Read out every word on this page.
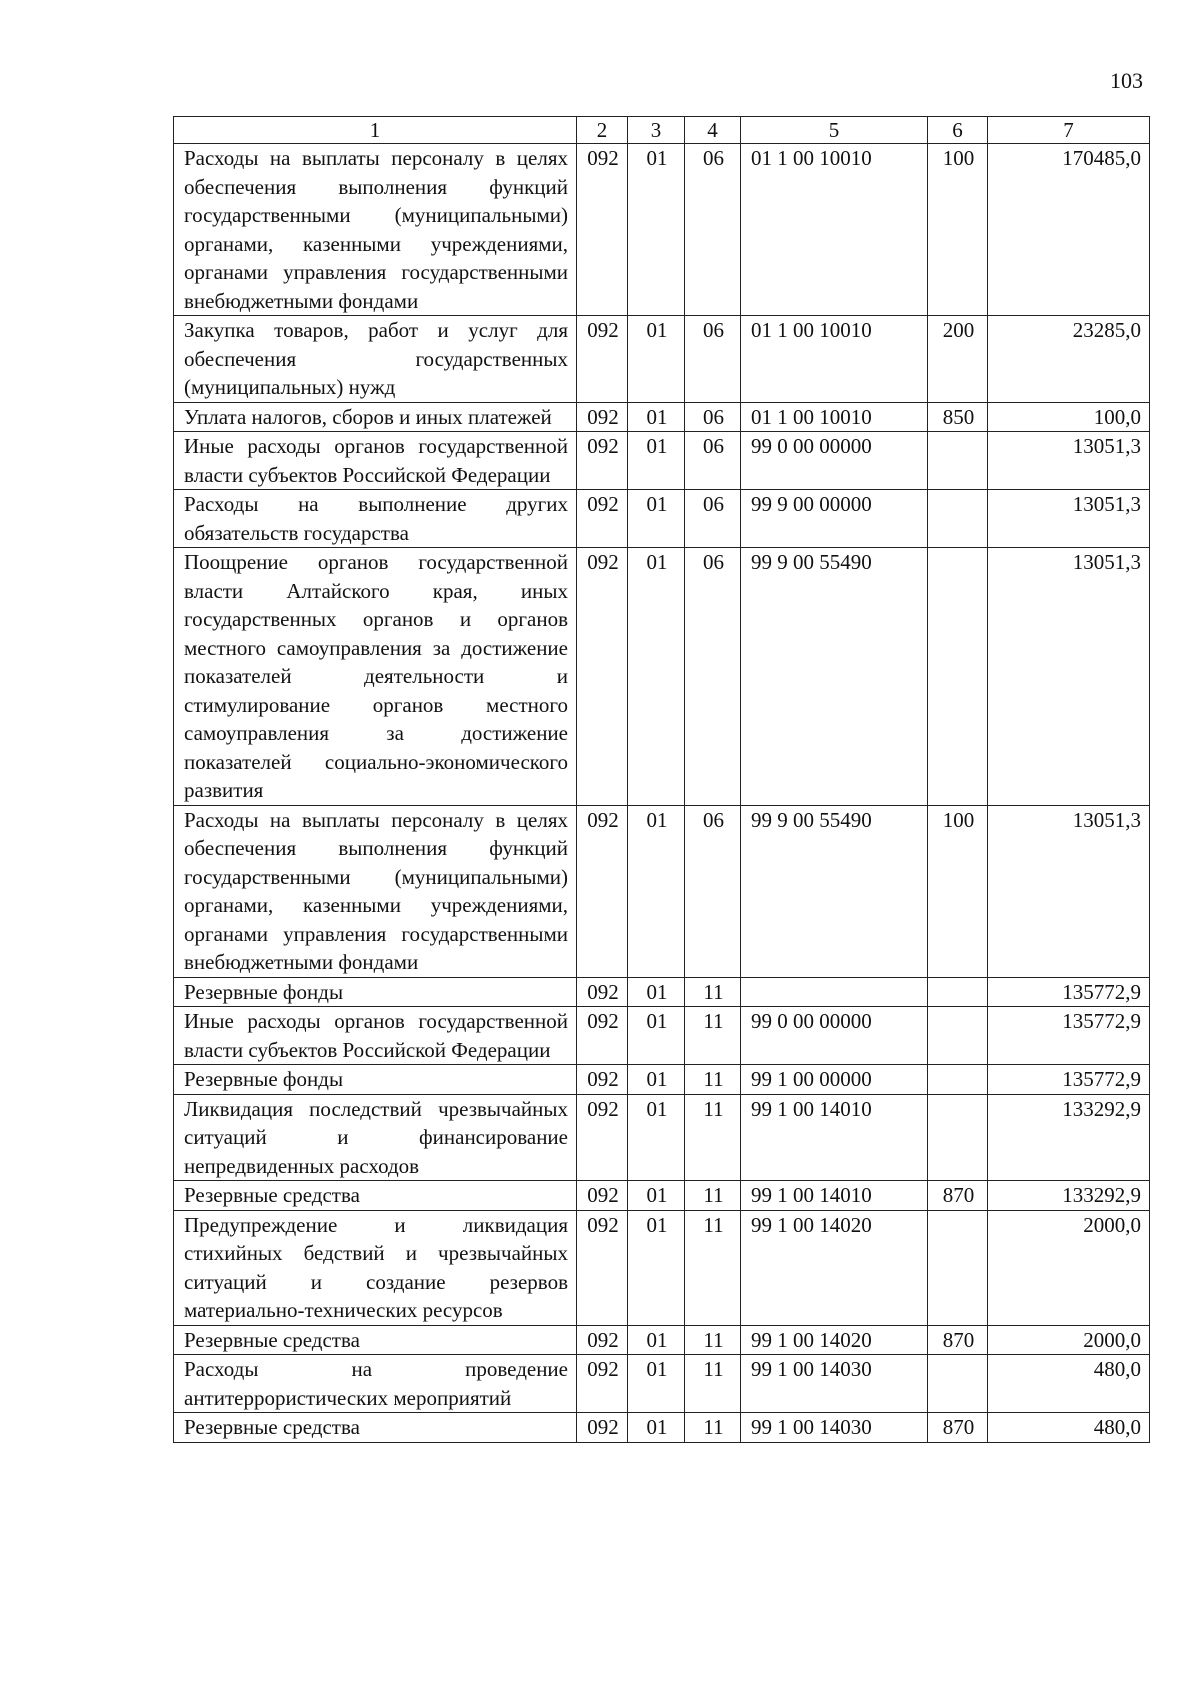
103
1	2	3	4	5	6	7
Расходы на выплаты персоналу в целях обеспечения выполнения функций государственными (муниципальными) органами, казенными учреждениями, органами управления государственными внебюджетными фондами	092	01	06	01 1 00 10010	100	170485,0
Закупка товаров, работ и услуг для обеспечения государственных (муниципальных) нужд	092	01	06	01 1 00 10010	200	23285,0
Уплата налогов, сборов и иных платежей	092	01	06	01 1 00 10010	850	100,0
Иные расходы органов государственной власти субъектов Российской Федерации	092	01	06	99 0 00 00000		13051,3
Расходы на выполнение других обязательств государства	092	01	06	99 9 00 00000		13051,3
Поощрение органов государственной власти Алтайского края, иных государственных органов и органов местного самоуправления за достижение показателей деятельности и стимулирование органов местного самоуправления за достижение показателей социально-экономического развития	092	01	06	99 9 00 55490		13051,3
Расходы на выплаты персоналу в целях обеспечения выполнения функций государственными (муниципальными) органами, казенными учреждениями, органами управления государственными внебюджетными фондами	092	01	06	99 9 00 55490	100	13051,3
Резервные фонды	092	01	11			135772,9
Иные расходы органов государственной власти субъектов Российской Федерации	092	01	11	99 0 00 00000		135772,9
Резервные фонды	092	01	11	99 1 00 00000		135772,9
Ликвидация последствий чрезвычайных ситуаций и финансирование непредвиденных расходов	092	01	11	99 1 00 14010		133292,9
Резервные средства	092	01	11	99 1 00 14010	870	133292,9
Предупреждение и ликвидация стихийных бедствий и чрезвычайных ситуаций и создание резервов материально-технических ресурсов	092	01	11	99 1 00 14020		2000,0
Резервные средства	092	01	11	99 1 00 14020	870	2000,0
Расходы на проведение антитеррористических мероприятий	092	01	11	99 1 00 14030		480,0
Резервные средства	092	01	11	99 1 00 14030	870	480,0
